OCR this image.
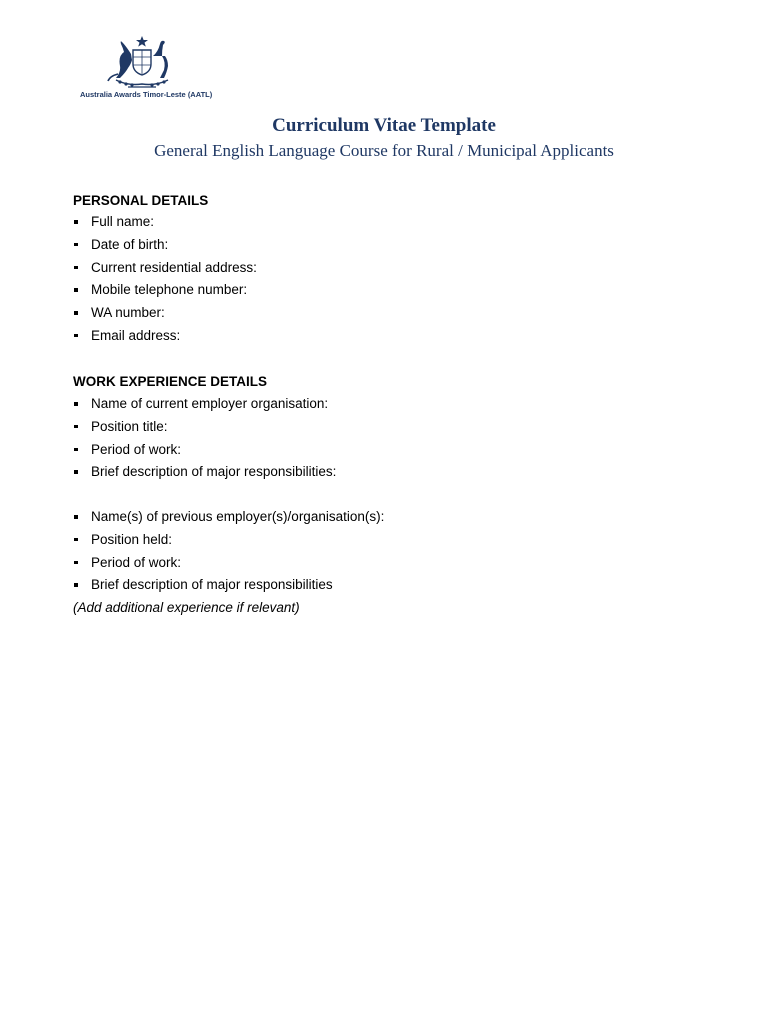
Australia Awards Timor-Leste (AATL)
Curriculum Vitae Template
General English Language Course for Rural / Municipal Applicants
PERSONAL DETAILS
Full name:
Date of birth:
Current residential address:
Mobile telephone number:
WA number:
Email address:
WORK EXPERIENCE DETAILS
Name of current employer organisation:
Position title:
Period of work:
Brief description of major responsibilities:
Name(s) of previous employer(s)/organisation(s):
Position held:
Period of work:
Brief description of major responsibilities
(Add additional experience if relevant)
